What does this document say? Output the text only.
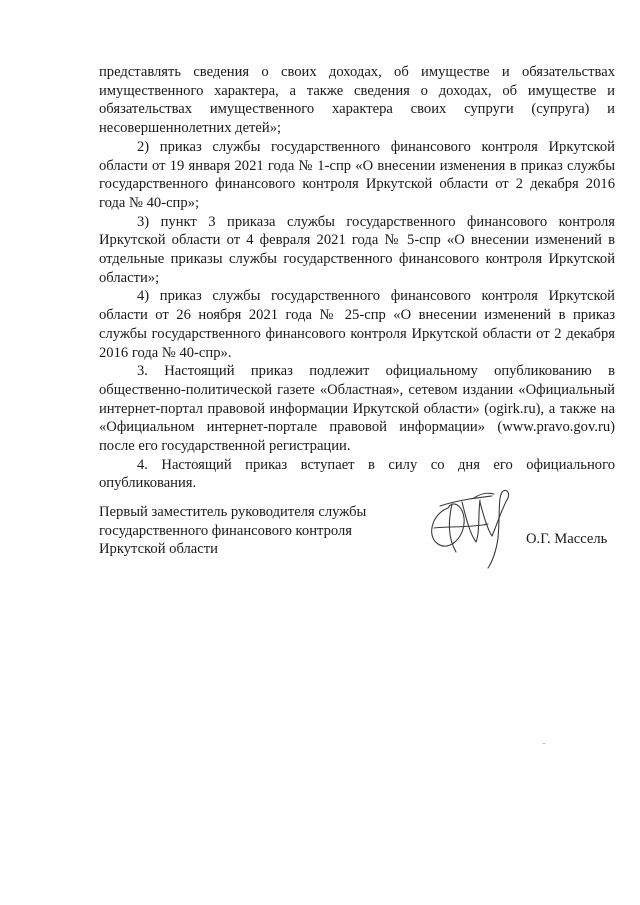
представлять сведения о своих доходах, об имуществе и обязательствах имущественного характера, а также сведения о доходах, об имуществе и обязательствах имущественного характера своих супруги (супруга) и несовершеннолетних детей»;

2) приказ службы государственного финансового контроля Иркутской области от 19 января 2021 года № 1-спр «О внесении изменения в приказ службы государственного финансового контроля Иркутской области от 2 декабря 2016 года № 40-спр»;

3) пункт 3 приказа службы государственного финансового контроля Иркутской области от 4 февраля 2021 года № 5-спр «О внесении изменений в отдельные приказы службы государственного финансового контроля Иркутской области»;

4) приказ службы государственного финансового контроля Иркутской области от 26 ноября 2021 года № 25-спр «О внесении изменений в приказ службы государственного финансового контроля Иркутской области от 2 декабря 2016 года № 40-спр».

3. Настоящий приказ подлежит официальному опубликованию в общественно-политической газете «Областная», сетевом издании «Официальный интернет-портал правовой информации Иркутской области» (ogirk.ru), а также на «Официальном интернет-портале правовой информации» (www.pravo.gov.ru) после его государственной регистрации.

4. Настоящий приказ вступает в силу со дня его официального опубликования.

Первый заместитель руководителя службы
государственного финансового контроля
Иркутской области
О.Г. Массель
